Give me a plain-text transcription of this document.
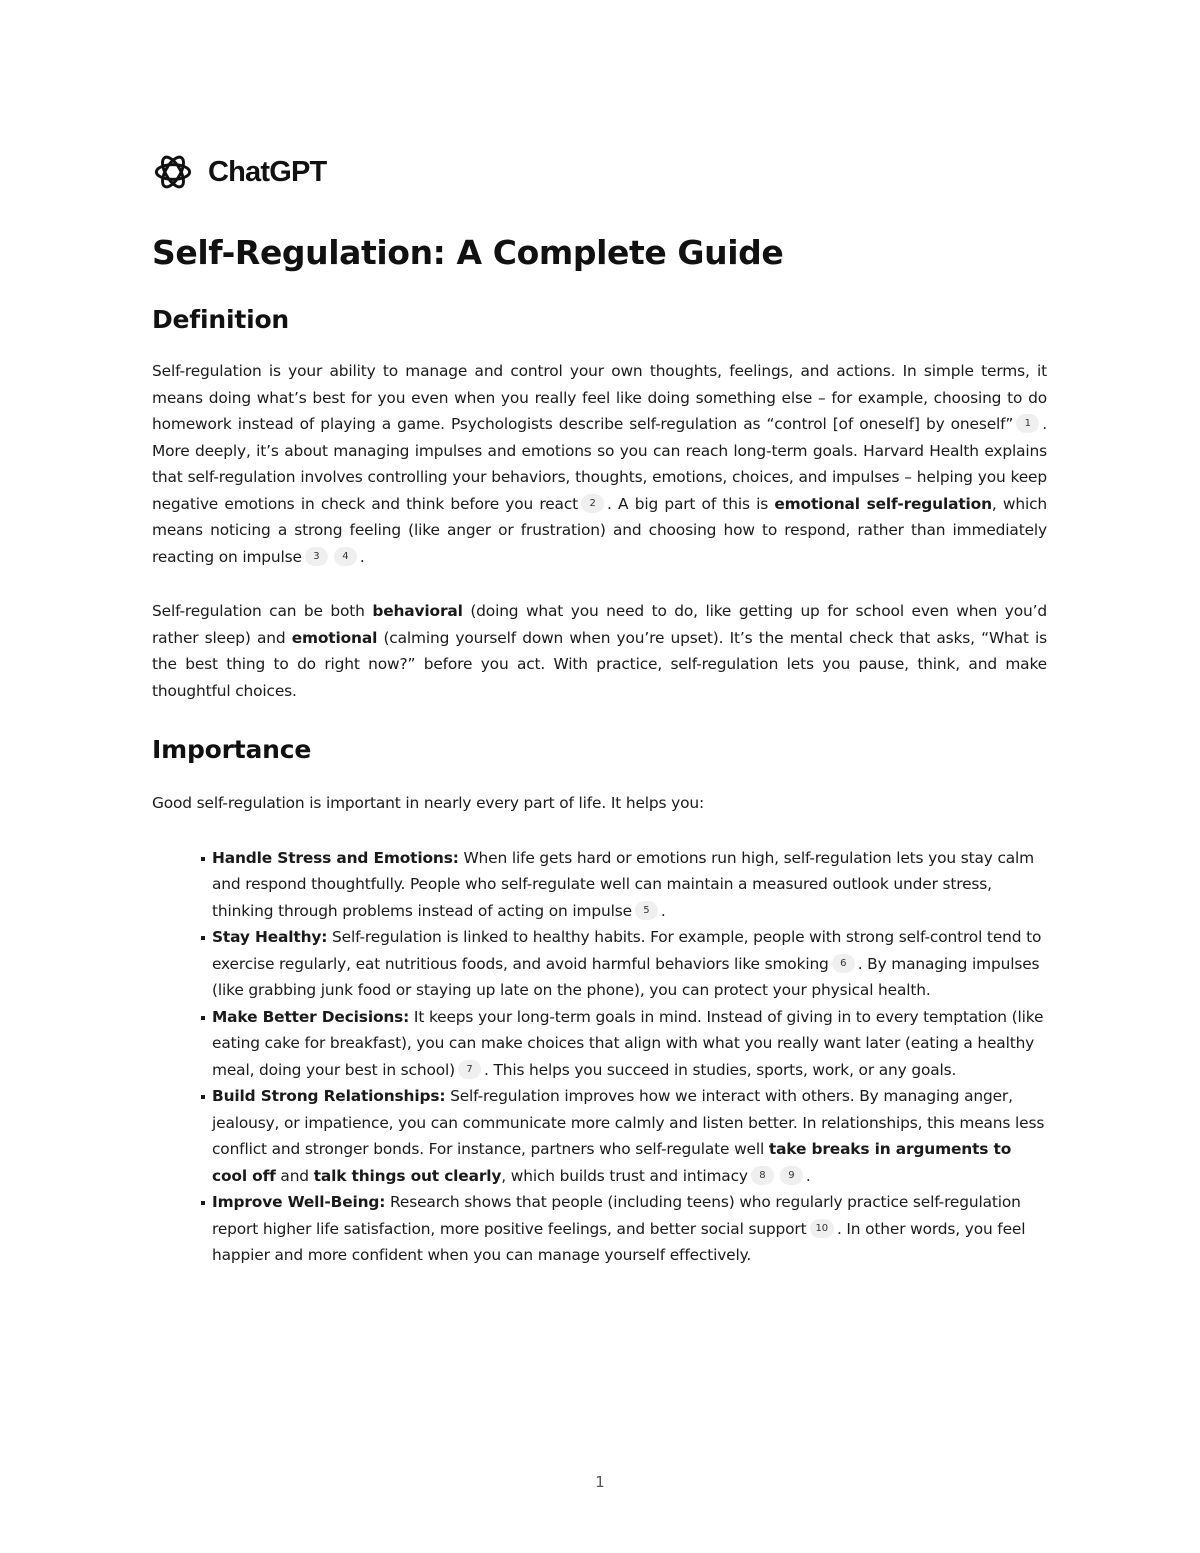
ChatGPT
Self-Regulation: A Complete Guide
Definition

Self-regulation is your ability to manage and control your own thoughts, feelings, and actions. In simple terms, it means doing what’s best for you even when you really feel like doing something else – for example, choosing to do homework instead of playing a game. Psychologists describe self-regulation as “control [of oneself] by oneself” 1 . More deeply, it’s about managing impulses and emotions so you can reach long-term goals. Harvard Health explains that self-regulation involves controlling your behaviors, thoughts, emotions, choices, and impulses – helping you keep negative emotions in check and think before you react 2 . A big part of this is emotional self-regulation, which means noticing a strong feeling (like anger or frustration) and choosing how to respond, rather than immediately reacting on impulse 3 4 .

Self-regulation can be both behavioral (doing what you need to do, like getting up for school even when you’d rather sleep) and emotional (calming yourself down when you’re upset). It’s the mental check that asks, “What is the best thing to do right now?” before you act. With practice, self-regulation lets you pause, think, and make thoughtful choices.

Importance

Good self-regulation is important in nearly every part of life. It helps you:

Handle Stress and Emotions: When life gets hard or emotions run high, self-regulation lets you stay calm and respond thoughtfully. People who self-regulate well can maintain a measured outlook under stress, thinking through problems instead of acting on impulse 5 .
Stay Healthy: Self-regulation is linked to healthy habits. For example, people with strong self-control tend to exercise regularly, eat nutritious foods, and avoid harmful behaviors like smoking 6 . By managing impulses (like grabbing junk food or staying up late on the phone), you can protect your physical health.
Make Better Decisions: It keeps your long-term goals in mind. Instead of giving in to every temptation (like eating cake for breakfast), you can make choices that align with what you really want later (eating a healthy meal, doing your best in school) 7 . This helps you succeed in studies, sports, work, or any goals.
Build Strong Relationships: Self-regulation improves how we interact with others. By managing anger, jealousy, or impatience, you can communicate more calmly and listen better. In relationships, this means less conflict and stronger bonds. For instance, partners who self-regulate well take breaks in arguments to cool off and talk things out clearly, which builds trust and intimacy 8 9 .
Improve Well-Being: Research shows that people (including teens) who regularly practice self-regulation report higher life satisfaction, more positive feelings, and better social support 10 . In other words, you feel happier and more confident when you can manage yourself effectively.
1
